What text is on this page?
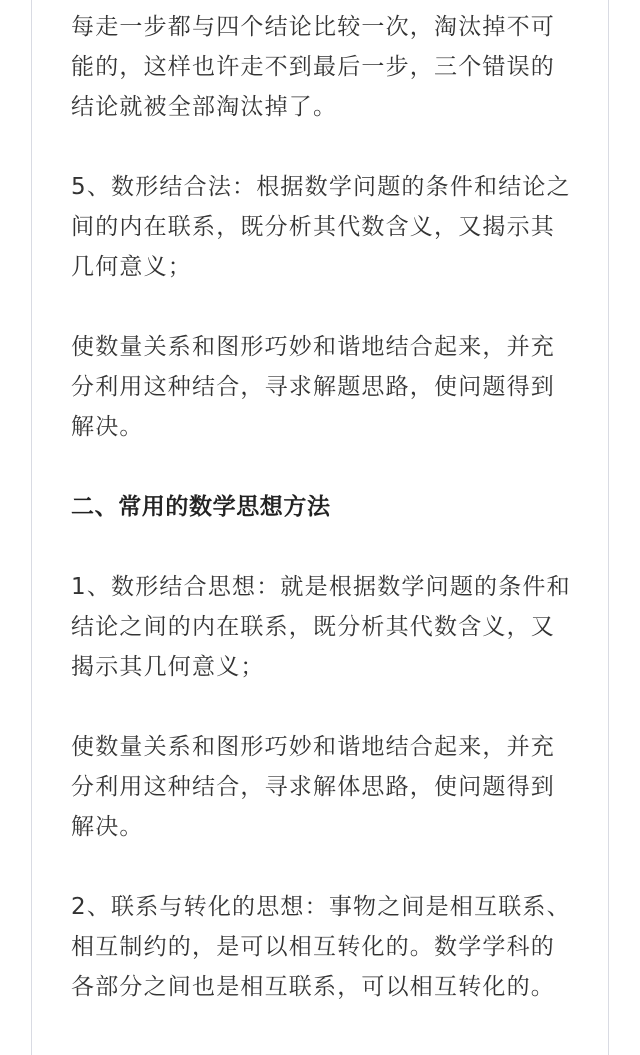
每走一步都与四个结论比较一次，淘汰掉不可能的，这样也许走不到最后一步，三个错误的结论就被全部淘汰掉了。

5、数形结合法：根据数学问题的条件和结论之间的内在联系，既分析其代数含义，又揭示其几何意义；

使数量关系和图形巧妙和谐地结合起来，并充分利用这种结合，寻求解题思路，使问题得到解决。

二、常用的数学思想方法

1、数形结合思想：就是根据数学问题的条件和结论之间的内在联系，既分析其代数含义，又揭示其几何意义；

使数量关系和图形巧妙和谐地结合起来，并充分利用这种结合，寻求解体思路，使问题得到解决。

2、联系与转化的思想：事物之间是相互联系、相互制约的，是可以相互转化的。数学学科的各部分之间也是相互联系，可以相互转化的。
